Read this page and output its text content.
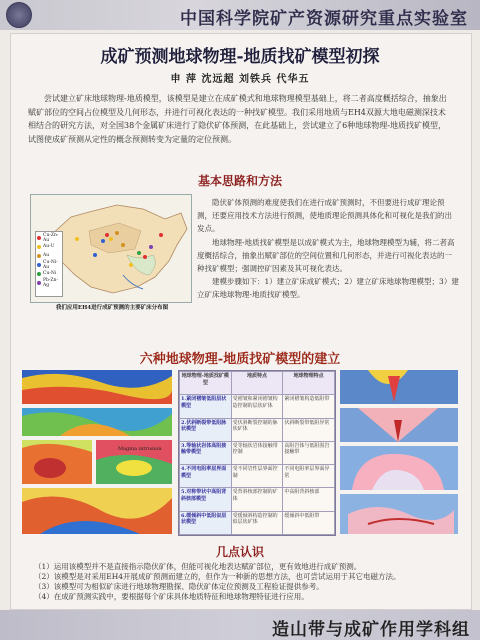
中国科学院矿产资源研究重点实验室
成矿预测地球物理-地质找矿模型初探
申 萍 沈远超 刘铁兵 代华五
尝试建立矿床地球物理-地质模型，该模型是建立在成矿模式和地球物理模型基础上，将二者高度概括综合，抽象出赋矿部位的空间占位模型及几何形态，并进行可视化表达的一种找矿模型。我们采用地质与EH4双源大地电磁测深技术相结合的研究方法，对全国38个金属矿床进行了隐伏矿体预测，在此基础上，尝试建立了6种地球物理-地质找矿模型，试图使成矿预测从定性的概念预测转变为定量的定位预测。
基本思路和方法
Cu-Zn-Au
Au-U
Au
Cu-Ni-Au
Cu-Ni
Pb-Zn-Ag
我们应用EH4进行成矿预测的主要矿床分布图

隐伏矿体预测的难度使我们在进行成矿预测时，不但要进行成矿理论预测，还要应用技术方法进行预测，使地质理论预测具体化和可视化是我们的出发点。

地球物理-地质找矿模型是以成矿模式为主，地球物理模型为辅，将二者高度概括综合，抽象出赋矿部位的空间位置和几何形态，并进行可视化表达的一种找矿模型；强调控矿因素及其可视化表达。

建模步骤如下：1）建立矿床成矿模式；2）建立矿床地球物理模型；3）建立矿床地球物理-地质找矿模型。

六种地球物理-地质找矿模型的建立
Magma intrusion
地球物理-地质找矿模型	地质特点	地球物理特点
1.紧闭褶皱低阻层状模型	受褶皱和紧闭褶皱构造控制的层状矿体	紧闭褶皱构造低阻带
2.伏斜断裂带低阻脉状模型	受伏斜断裂控制的脉状矿体	伏斜断裂带低阻异常
3.等轴状岩体高阻接触带模型	受等轴状岩体接触带控制	高阻岩体与低阻围岩接触带
4.不同电阻率层界面模型	受不同岩性层界面控制	不同电阻率层界面异常
5.对称带状中高阻背斜核部模型	受背斜核部控制的矿体	中高阻背斜核部
6.缓倾斜中低阻似层状模型	受缓倾斜构造控制的似层状矿体	缓倾斜中低阻带
几点认识
（1）运用该模型并不是直接指示隐伏矿体，但能可视化地表达赋矿部位，更有效地进行成矿预测。
（2）该模型是对采用EH4开展成矿预测而建立的，但作为一种新的思想方法，也可尝试运用于其它电磁方法。
（3）该模型可为相似矿床进行地球物理勘探、隐伏矿体定位预测及工程验证提供参考。
（4）在成矿预测实践中，要根据每个矿床具体地质特征和地球物理特征进行应用。
造山带与成矿作用学科组
